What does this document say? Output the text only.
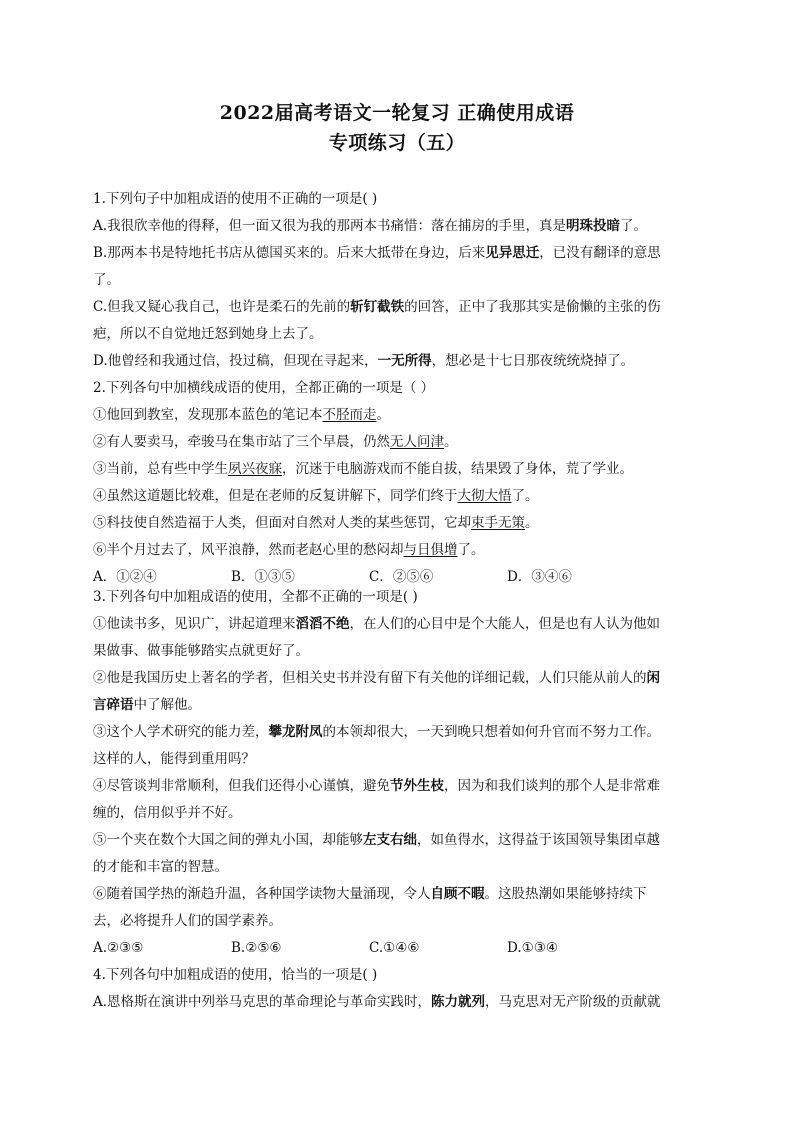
2022届高考语文一轮复习 正确使用成语
专项练习（五）
1.下列句子中加粗成语的使用不正确的一项是( )
A.我很欣幸他的得释，但一面又很为我的那两本书痛惜：落在捕房的手里，真是明珠投暗了。
B.那两本书是特地托书店从德国买来的。后来大抵带在身边，后来见异思迁，已没有翻译的意思
了。
C.但我又疑心我自己，也许是柔石的先前的斩钉截铁的回答，正中了我那其实是偷懒的主张的伤
疤，所以不自觉地迁怒到她身上去了。
D.他曾经和我通过信，投过稿，但现在寻起来，一无所得，想必是十七日那夜统统烧掉了。
2.下列各句中加横线成语的使用，全都正确的一项是（ ）
①他回到教室，发现那本蓝色的笔记本不胫而走。
②有人要卖马，牵骏马在集市站了三个早晨，仍然无人问津。
③当前，总有些中学生夙兴夜寐，沉迷于电脑游戏而不能自拔，结果毁了身体，荒了学业。
④虽然这道题比较难，但是在老师的反复讲解下，同学们终于大彻大悟了。
⑤科技使自然造福于人类，但面对自然对人类的某些惩罚，它却束手无策。
⑥半个月过去了，风平浪静，然而老赵心里的愁闷却与日俱增了。
A．①②④	B．①③⑤	C．②⑤⑥	D．③④⑥
3.下列各句中加粗成语的使用，全都不正确的一项是( )
①他读书多，见识广，讲起道理来滔滔不绝，在人们的心目中是个大能人，但是也有人认为他如
果做事、做事能够踏实点就更好了。
②他是我国历史上著名的学者，但相关史书并没有留下有关他的详细记载，人们只能从前人的闲
言碎语中了解他。
③这个人学术研究的能力差，攀龙附凤的本领却很大，一天到晚只想着如何升官而不努力工作。
这样的人，能得到重用吗？
④尽管谈判非常顺利，但我们还得小心谨慎，避免节外生枝，因为和我们谈判的那个人是非常难
缠的，信用似乎并不好。
⑤一个夹在数个大国之间的弹丸小国，却能够左支右绌，如鱼得水，这得益于该国领导集团卓越
的才能和丰富的智慧。
⑥随着国学热的渐趋升温，各种国学读物大量涌现，令人自顾不暇。这股热潮如果能够持续下
去，必将提升人们的国学素养。
A.②③⑤	B.②⑤⑥	C.①④⑥	D.①③④
4.下列各句中加粗成语的使用，恰当的一项是( )
A.恩格斯在演讲中列举马克思的革命理论与革命实践时，陈力就列，马克思对无产阶级的贡献就
